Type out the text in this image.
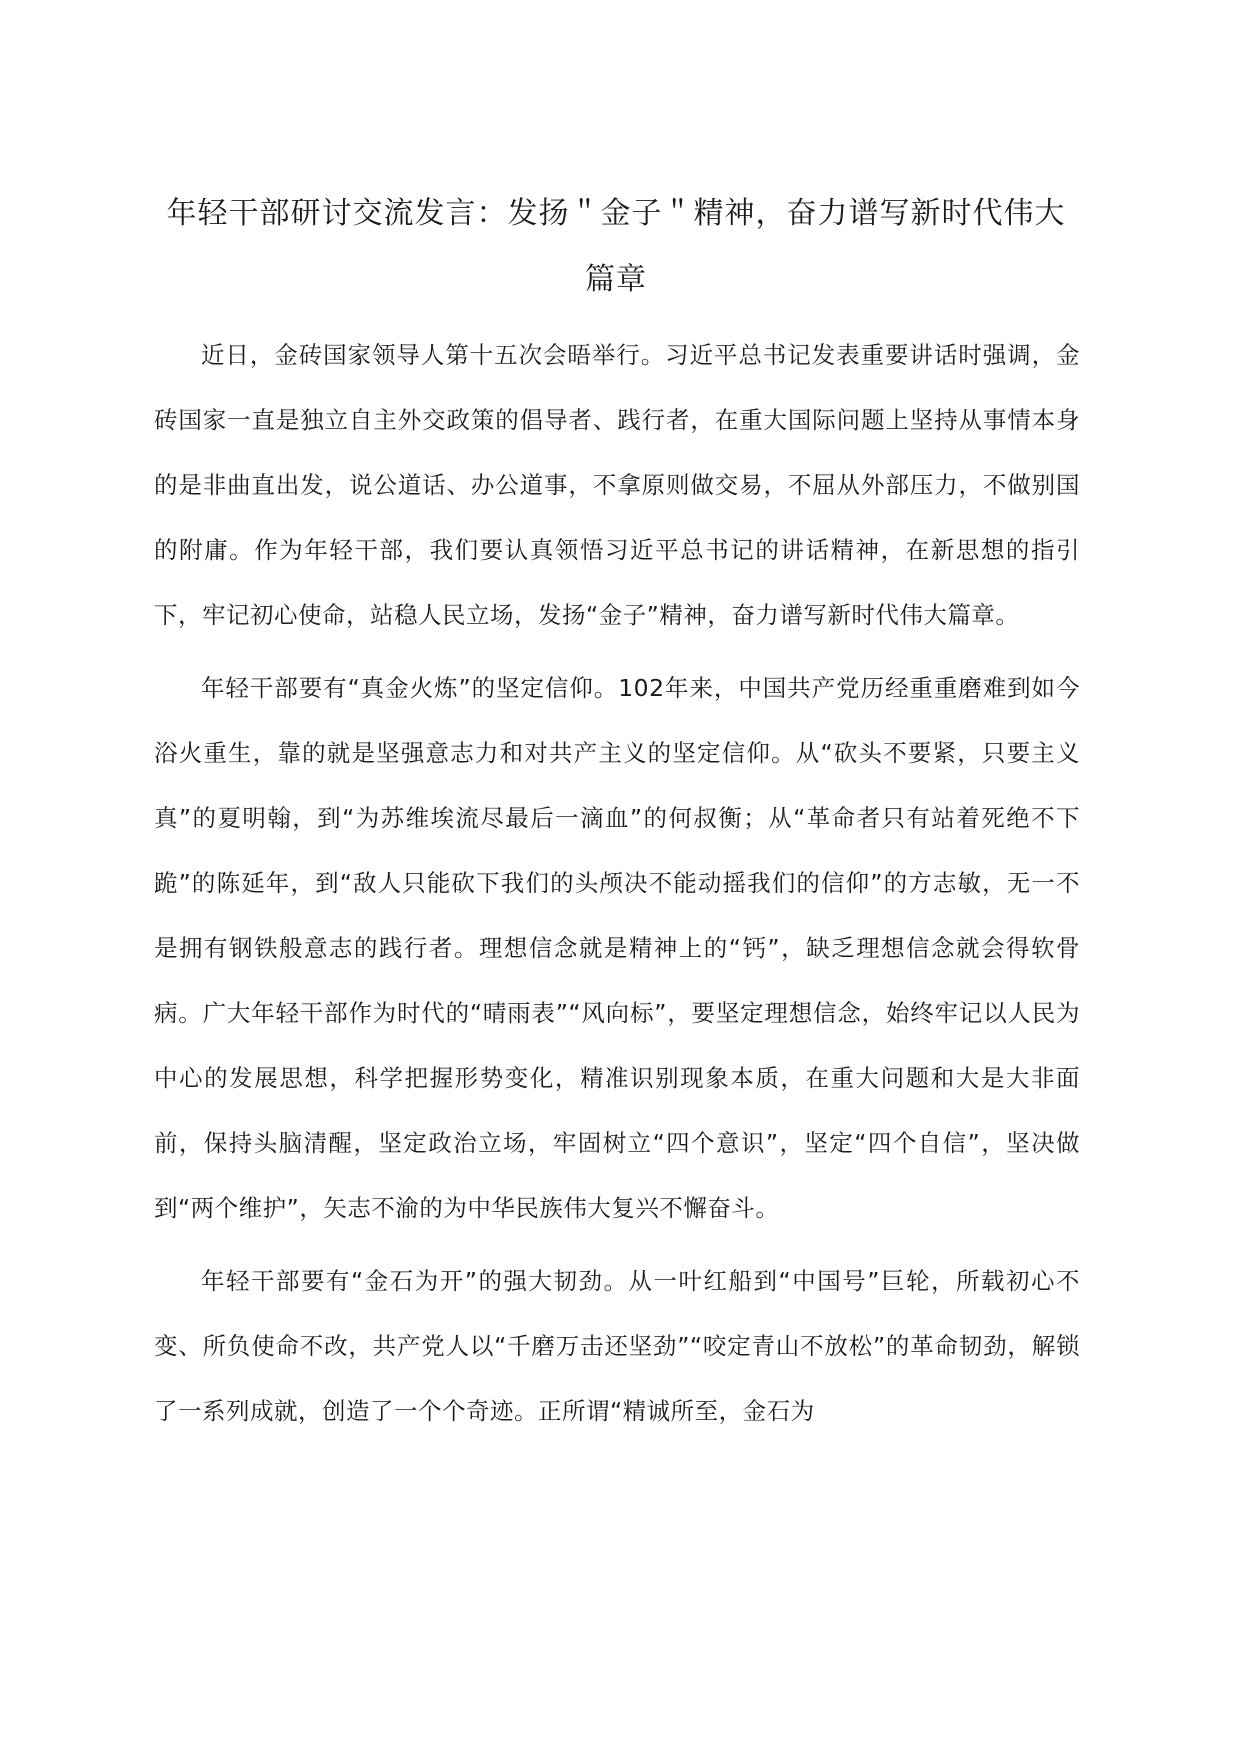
年轻干部研讨交流发言：发扬＂金子＂精神，奋力谱写新时代伟大篇章

近日，金砖国家领导人第十五次会晤举行。习近平总书记发表重要讲话时强调，金砖国家一直是独立自主外交政策的倡导者、践行者，在重大国际问题上坚持从事情本身的是非曲直出发，说公道话、办公道事，不拿原则做交易，不屈从外部压力，不做别国的附庸。作为年轻干部，我们要认真领悟习近平总书记的讲话精神，在新思想的指引下，牢记初心使命，站稳人民立场，发扬“金子”精神，奋力谱写新时代伟大篇章。

年轻干部要有“真金火炼”的坚定信仰。102年来，中国共产党历经重重磨难到如今浴火重生，靠的就是坚强意志力和对共产主义的坚定信仰。从“砍头不要紧，只要主义真”的夏明翰，到“为苏维埃流尽最后一滴血”的何叔衡；从“革命者只有站着死绝不下跪”的陈延年，到“敌人只能砍下我们的头颅决不能动摇我们的信仰”的方志敏，无一不是拥有钢铁般意志的践行者。理想信念就是精神上的“钙”，缺乏理想信念就会得软骨病。广大年轻干部作为时代的“晴雨表”“风向标”，要坚定理想信念，始终牢记以人民为中心的发展思想，科学把握形势变化，精准识别现象本质，在重大问题和大是大非面前，保持头脑清醒，坚定政治立场，牢固树立“四个意识”，坚定“四个自信”，坚决做到“两个维护”，矢志不渝的为中华民族伟大复兴不懈奋斗。

年轻干部要有“金石为开”的强大韧劲。从一叶红船到“中国号”巨轮，所载初心不变、所负使命不改，共产党人以“千磨万击还坚劲”“咬定青山不放松”的革命韧劲，解锁了一系列成就，创造了一个个奇迹。正所谓“精诚所至，金石为
